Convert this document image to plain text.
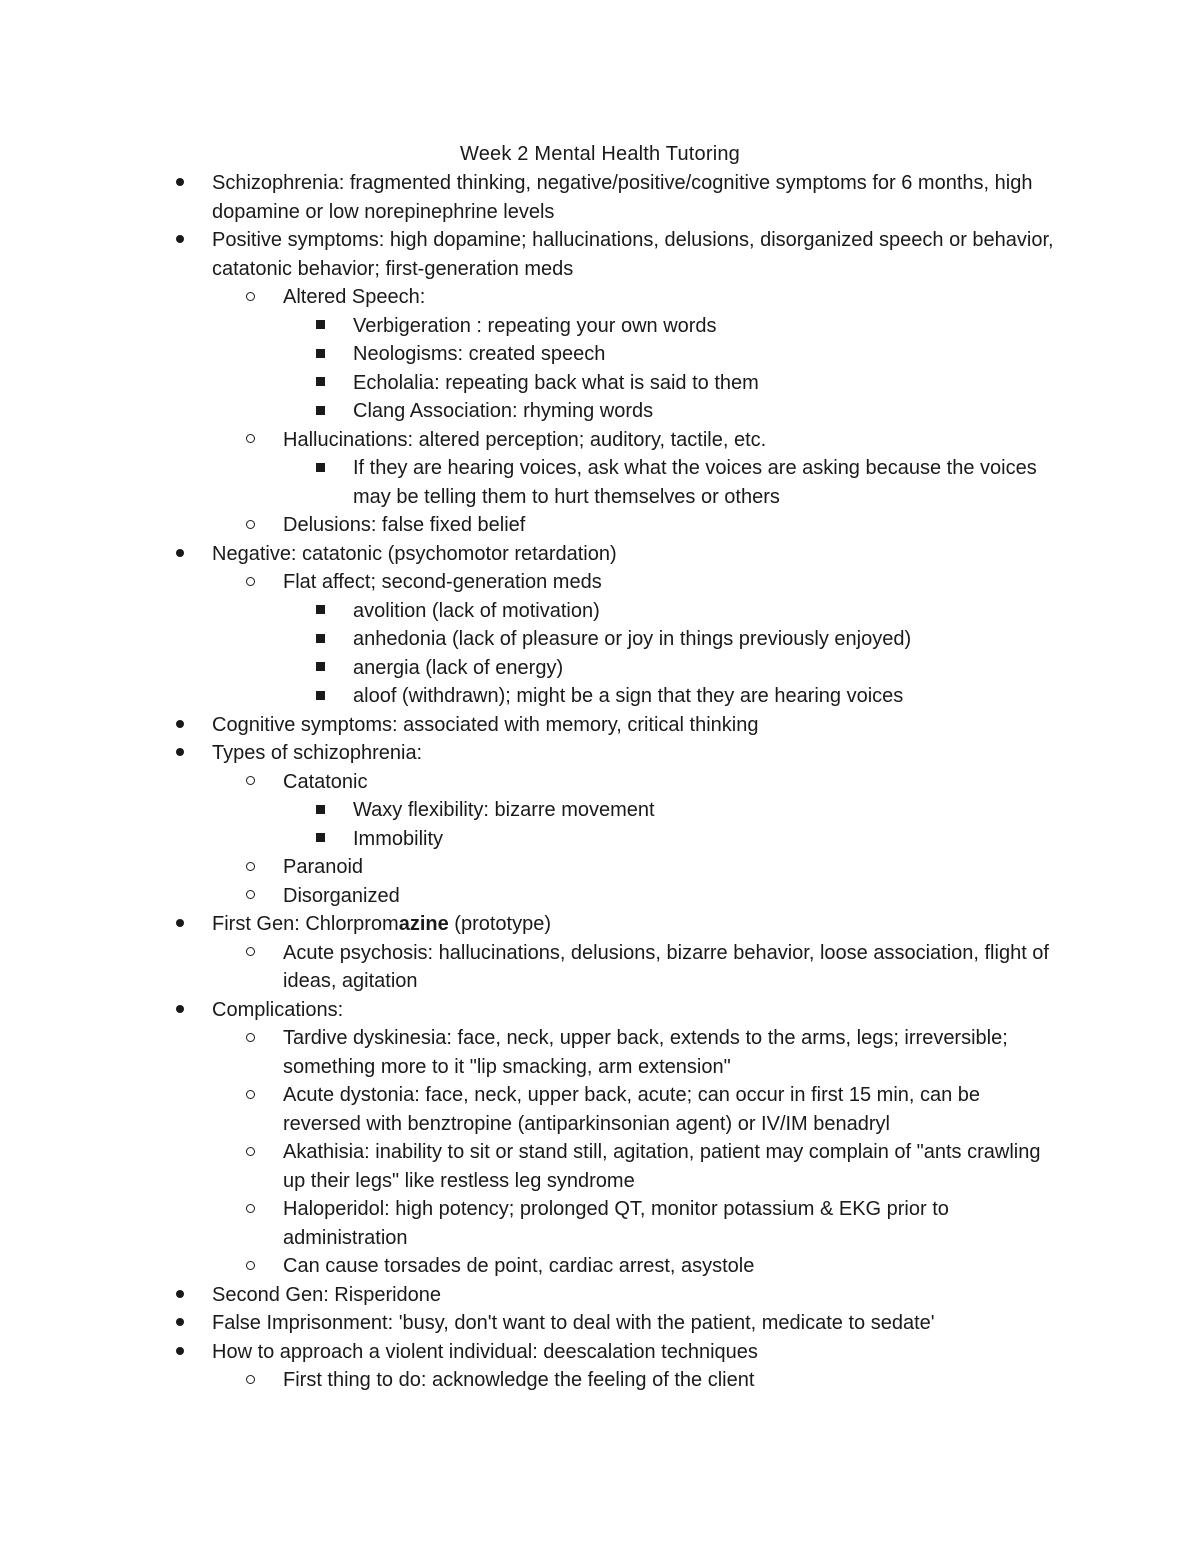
Week 2 Mental Health Tutoring
Schizophrenia: fragmented thinking, negative/positive/cognitive symptoms for 6 months, high dopamine or low norepinephrine levels
Positive symptoms: high dopamine; hallucinations, delusions, disorganized speech or behavior, catatonic behavior; first-generation meds
Altered Speech:
Verbigeration : repeating your own words
Neologisms: created speech
Echolalia: repeating back what is said to them
Clang Association: rhyming words
Hallucinations: altered perception; auditory, tactile, etc.
If they are hearing voices, ask what the voices are asking because the voices may be telling them to hurt themselves or others
Delusions: false fixed belief
Negative: catatonic (psychomotor retardation)
Flat affect; second-generation meds
avolition (lack of motivation)
anhedonia (lack of pleasure or joy in things previously enjoyed)
anergia (lack of energy)
aloof (withdrawn); might be a sign that they are hearing voices
Cognitive symptoms: associated with memory, critical thinking
Types of schizophrenia:
Catatonic
Waxy flexibility: bizarre movement
Immobility
Paranoid
Disorganized
First Gen: Chlorpromazine (prototype)
Acute psychosis: hallucinations, delusions, bizarre behavior, loose association, flight of ideas, agitation
Complications:
Tardive dyskinesia: face, neck, upper back, extends to the arms, legs; irreversible; something more to it "lip smacking, arm extension"
Acute dystonia: face, neck, upper back, acute; can occur in first 15 min, can be reversed with benztropine (antiparkinsonian agent) or IV/IM benadryl
Akathisia: inability to sit or stand still, agitation, patient may complain of "ants crawling up their legs" like restless leg syndrome
Haloperidol: high potency; prolonged QT, monitor potassium & EKG prior to administration
Can cause torsades de point, cardiac arrest, asystole
Second Gen: Risperidone
False Imprisonment: 'busy, don't want to deal with the patient, medicate to sedate'
How to approach a violent individual: deescalation techniques
First thing to do: acknowledge the feeling of the client
